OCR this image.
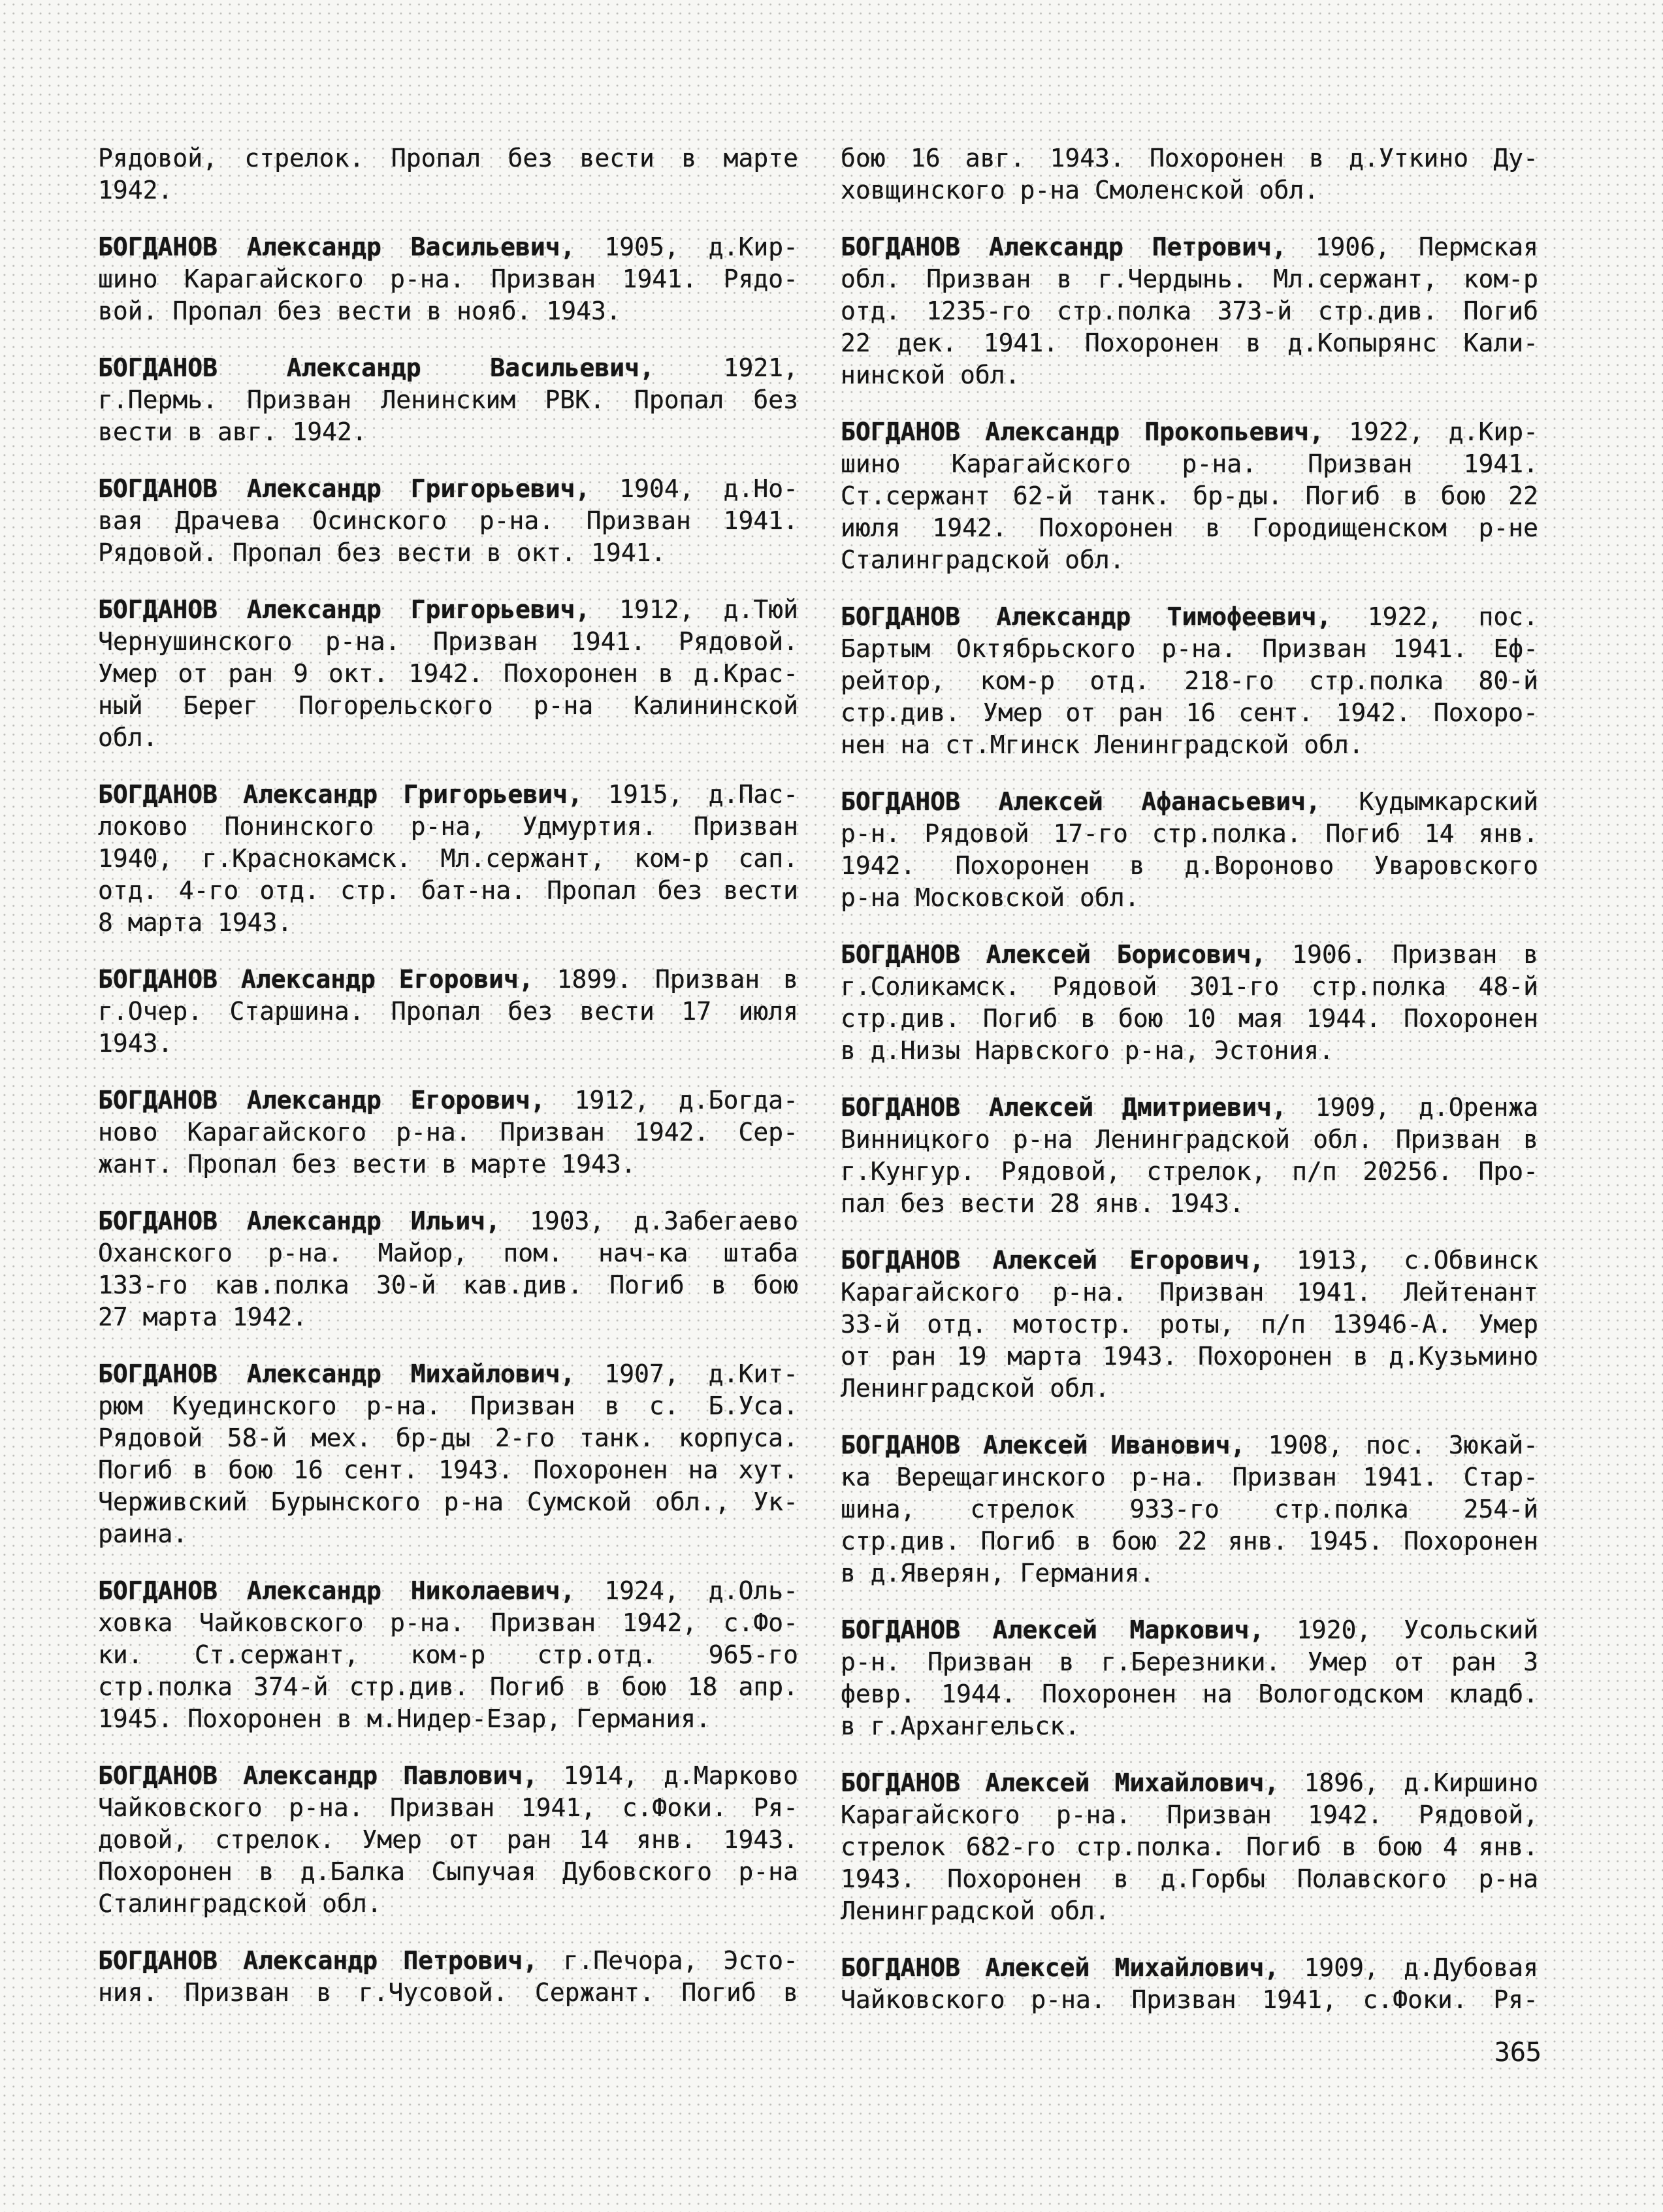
Рядовой, стрелок. Пропал без вести в марте
1942.
БОГДАНОВ Александр Васильевич, 1905, д.Кир-
шино Карагайского р-на. Призван 1941. Рядо-
вой. Пропал без вести в нояб. 1943.
БОГДАНОВ Александр Васильевич, 1921,
г.Пермь. Призван Ленинским РВК. Пропал без
вести в авг. 1942.
БОГДАНОВ Александр Григорьевич, 1904, д.Но-
вая Драчева Осинского р-на. Призван 1941.
Рядовой. Пропал без вести в окт. 1941.
БОГДАНОВ Александр Григорьевич, 1912, д.Тюй
Чернушинского р-на. Призван 1941. Рядовой.
Умер от ран 9 окт. 1942. Похоронен в д.Крас-
ный Берег Погорельского р-на Калининской
обл.
БОГДАНОВ Александр Григорьевич, 1915, д.Пас-
локово Понинского р-на, Удмуртия. Призван
1940, г.Краснокамск. Мл.сержант, ком-р сап.
отд. 4-го отд. стр. бат-на. Пропал без вести
8 марта 1943.
БОГДАНОВ Александр Егорович, 1899. Призван в
г.Очер. Старшина. Пропал без вести 17 июля
1943.
БОГДАНОВ Александр Егорович, 1912, д.Богда-
ново Карагайского р-на. Призван 1942. Сер-
жант. Пропал без вести в марте 1943.
БОГДАНОВ Александр Ильич, 1903, д.Забегаево
Оханского р-на. Майор, пом. нач-ка штаба
133-го кав.полка 30-й кав.див. Погиб в бою
27 марта 1942.
БОГДАНОВ Александр Михайлович, 1907, д.Кит-
рюм Куединского р-на. Призван в с. Б.Уса.
Рядовой 58-й мех. бр-ды 2-го танк. корпуса.
Погиб в бою 16 сент. 1943. Похоронен на хут.
Черживский Бурынского р-на Сумской обл., Ук-
раина.
БОГДАНОВ Александр Николаевич, 1924, д.Оль-
ховка Чайковского р-на. Призван 1942, с.Фо-
ки. Ст.сержант, ком-р стр.отд. 965-го
стр.полка 374-й стр.див. Погиб в бою 18 апр.
1945. Похоронен в м.Нидер-Езар, Германия.
БОГДАНОВ Александр Павлович, 1914, д.Марково
Чайковского р-на. Призван 1941, с.Фоки. Ря-
довой, стрелок. Умер от ран 14 янв. 1943.
Похоронен в д.Балка Сыпучая Дубовского р-на
Сталинградской обл.
БОГДАНОВ Александр Петрович, г.Печора, Эсто-
ния. Призван в г.Чусовой. Сержант. Погиб в
бою 16 авг. 1943. Похоронен в д.Уткино Ду-
ховщинского р-на Смоленской обл.
БОГДАНОВ Александр Петрович, 1906, Пермская
обл. Призван в г.Чердынь. Мл.сержант, ком-р
отд. 1235-го стр.полка 373-й стр.див. Погиб
22 дек. 1941. Похоронен в д.Копырянс Кали-
нинской обл.
БОГДАНОВ Александр Прокопьевич, 1922, д.Кир-
шино Карагайского р-на. Призван 1941.
Ст.сержант 62-й танк. бр-ды. Погиб в бою 22
июля 1942. Похоронен в Городищенском р-не
Сталинградской обл.
БОГДАНОВ Александр Тимофеевич, 1922, пос.
Бартым Октябрьского р-на. Призван 1941. Еф-
рейтор, ком-р отд. 218-го стр.полка 80-й
стр.див. Умер от ран 16 сент. 1942. Похоро-
нен на ст.Мгинск Ленинградской обл.
БОГДАНОВ Алексей Афанасьевич, Кудымкарский
р-н. Рядовой 17-го стр.полка. Погиб 14 янв.
1942. Похоронен в д.Вороново Уваровского
р-на Московской обл.
БОГДАНОВ Алексей Борисович, 1906. Призван в
г.Соликамск. Рядовой 301-го стр.полка 48-й
стр.див. Погиб в бою 10 мая 1944. Похоронен
в д.Низы Нарвского р-на, Эстония.
БОГДАНОВ Алексей Дмитриевич, 1909, д.Оренжа
Винницкого р-на Ленинградской обл. Призван в
г.Кунгур. Рядовой, стрелок, п/п 20256. Про-
пал без вести 28 янв. 1943.
БОГДАНОВ Алексей Егорович, 1913, с.Обвинск
Карагайского р-на. Призван 1941. Лейтенант
33-й отд. мотостр. роты, п/п 13946-А. Умер
от ран 19 марта 1943. Похоронен в д.Кузьмино
Ленинградской обл.
БОГДАНОВ Алексей Иванович, 1908, пос. Зюкай-
ка Верещагинского р-на. Призван 1941. Стар-
шина, стрелок 933-го стр.полка 254-й
стр.див. Погиб в бою 22 янв. 1945. Похоронен
в д.Яверян, Германия.
БОГДАНОВ Алексей Маркович, 1920, Усольский
р-н. Призван в г.Березники. Умер от ран 3
февр. 1944. Похоронен на Вологодском кладб.
в г.Архангельск.
БОГДАНОВ Алексей Михайлович, 1896, д.Киршино
Карагайского р-на. Призван 1942. Рядовой,
стрелок 682-го стр.полка. Погиб в бою 4 янв.
1943. Похоронен в д.Горбы Полавского р-на
Ленинградской обл.
БОГДАНОВ Алексей Михайлович, 1909, д.Дубовая
Чайковского р-на. Призван 1941, с.Фоки. Ря-
365
